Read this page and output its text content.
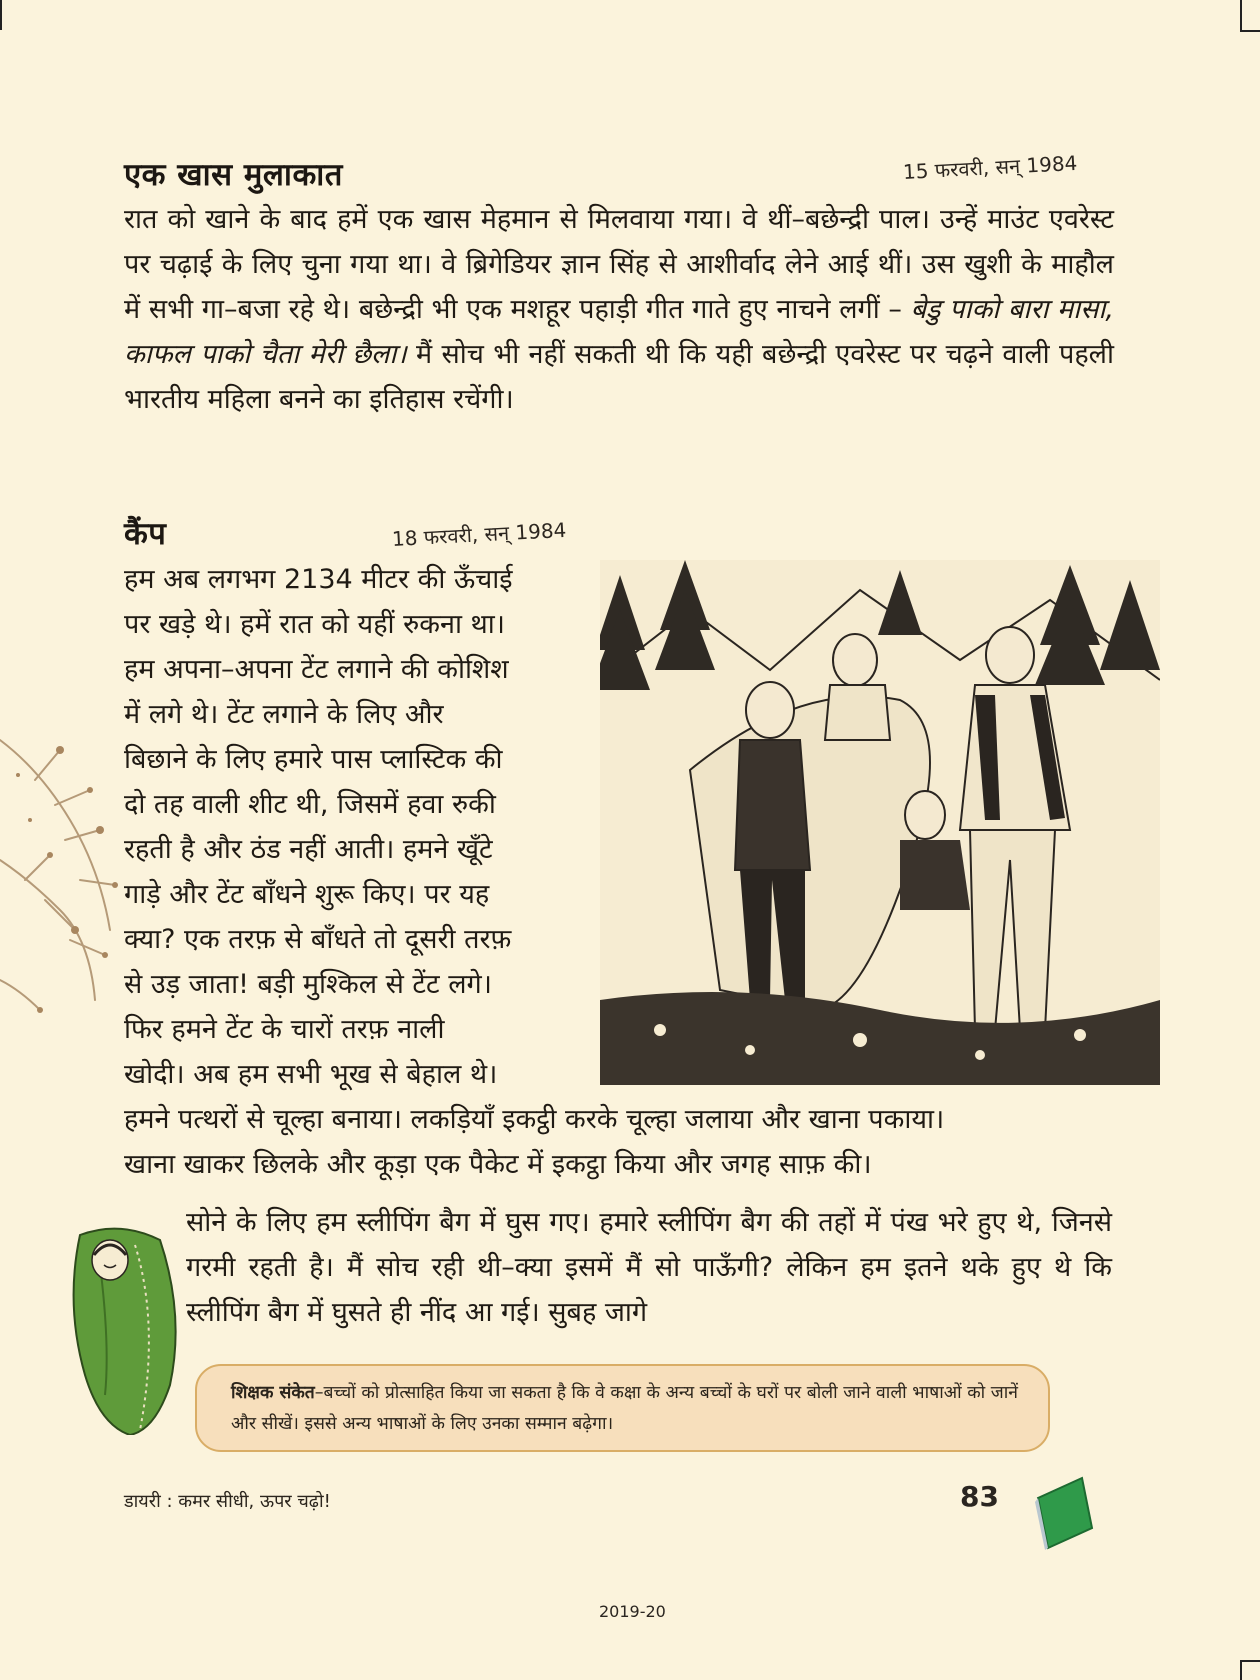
एक खास मुलाकात	15 फरवरी, सन् 1984

रात को खाने के बाद हमें एक खास मेहमान से मिलवाया गया। वे थीं–बछेन्द्री पाल। उन्हें माउंट एवरेस्ट पर चढ़ाई के लिए चुना गया था। वे ब्रिगेडियर ज्ञान सिंह से आशीर्वाद लेने आई थीं। उस खुशी के माहौल में सभी गा–बजा रहे थे। बछेन्द्री भी एक मशहूर पहाड़ी गीत गाते हुए नाचने लगीं – बेडु पाको बारा मासा, काफल पाको चैता मेरी छैला। मैं सोच भी नहीं सकती थी कि यही बछेन्द्री एवरेस्ट पर चढ़ने वाली पहली भारतीय महिला बनने का इतिहास रचेंगी।

कैंप	18 फरवरी, सन् 1984
हम अब लगभग 2134 मीटर की ऊँचाई
पर खड़े थे। हमें रात को यहीं रुकना था।
हम अपना–अपना टेंट लगाने की कोशिश
में लगे थे। टेंट लगाने के लिए और
बिछाने के लिए हमारे पास प्लास्टिक की
दो तह वाली शीट थी, जिसमें हवा रुकी
रहती है और ठंड नहीं आती। हमने खूँटे
गाड़े और टेंट बाँधने शुरू किए। पर यह
क्या? एक तरफ़ से बाँधते तो दूसरी तरफ़
से उड़ जाता! बड़ी मुश्किल से टेंट लगे।
फिर हमने टेंट के चारों तरफ़ नाली
खोदी। अब हम सभी भूख से बेहाल थे।
हमने पत्थरों से चूल्हा बनाया। लकड़ियाँ इकट्ठी करके चूल्हा जलाया और खाना पकाया।
खाना खाकर छिलके और कूड़ा एक पैकेट में इकट्ठा किया और जगह साफ़ की।

सोने के लिए हम स्लीपिंग बैग में घुस गए। हमारे स्लीपिंग बैग की तहों में पंख भरे हुए थे, जिनसे गरमी रहती है। मैं सोच रही थी–क्या इसमें मैं सो पाऊँगी? लेकिन हम इतने थके हुए थे कि स्लीपिंग बैग में घुसते ही नींद आ गई। सुबह जागे

शिक्षक संकेत–बच्चों को प्रोत्साहित किया जा सकता है कि वे कक्षा के अन्य बच्चों के घरों पर बोली जाने वाली भाषाओं को जानें और सीखें। इससे अन्य भाषाओं के लिए उनका सम्मान बढ़ेगा।
डायरी : कमर सीधी, ऊपर चढ़ो!	83
2019-20
